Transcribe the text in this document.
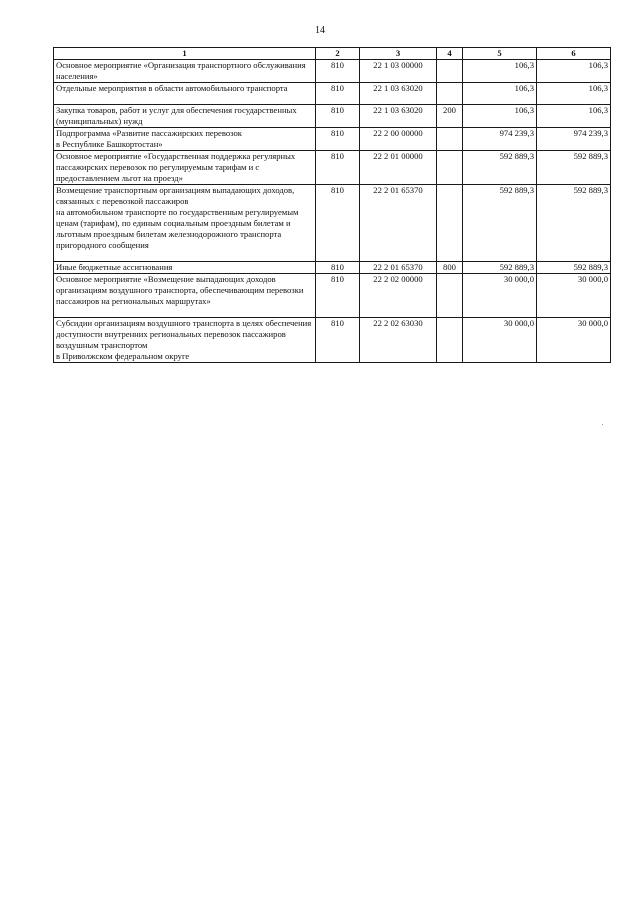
14
1	2	3	4	5	6
Основное мероприятие «Организация транспортного обслуживания населения»	810	22 1 03 00000		106,3	106,3
Отдельные мероприятия в области автомобильного транспорта	810	22 1 03 63020		106,3	106,3
Закупка товаров, работ и услуг для обеспечения государственных (муниципальных) нужд	810	22 1 03 63020	200	106,3	106,3
Подпрограмма «Развитие пассажирских перевозок
в Республике Башкортостан»	810	22 2 00 00000		974 239,3	974 239,3
Основное мероприятие «Государственная поддержка регулярных пассажирских перевозок по регулируемым тарифам и с предоставлением льгот на проезд»	810	22 2 01 00000		592 889,3	592 889,3
Возмещение транспортным организациям выпадающих доходов, связанных с перевозкой пассажиров
на автомобильном транспорте по государственным регулируемым ценам (тарифам), по единым социальным проездным билетам и льготным проездным билетам железнодорожного транспорта пригородного сообщения	810	22 2 01 65370		592 889,3	592 889,3
Иные бюджетные ассигнования	810	22 2 01 65370	800	592 889,3	592 889,3
Основное мероприятие «Возмещение выпадающих доходов организациям воздушного транспорта, обеспечивающим перевозки пассажиров на региональных маршрутах»	810	22 2 02 00000		30 000,0	30 000,0
Субсидии организациям воздушного транспорта в целях обеспечения доступности внутренних региональных перевозок пассажиров воздушным транспортом
в Приволжском федеральном округе	810	22 2 02 63030		30 000,0	30 000,0
